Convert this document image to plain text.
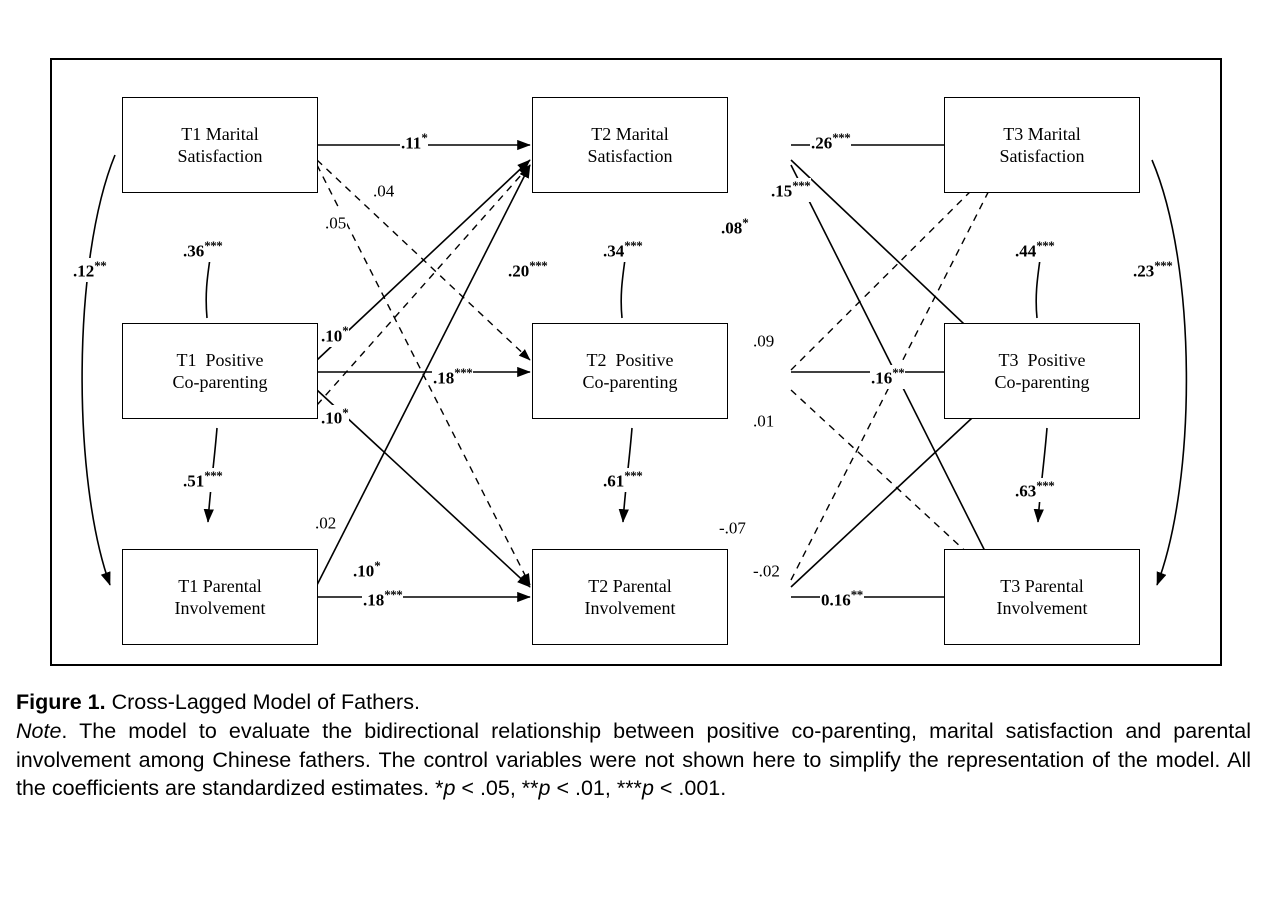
T1 Marital
Satisfaction
T2 Marital
Satisfaction
T3 Marital
Satisfaction
T1  Positive
Co-parenting
T2  Positive
Co-parenting
T3  Positive
Co-parenting
T1 Parental
Involvement
T2 Parental
Involvement
T3 Parental
Involvement
.11*	.26***
.04
.05
.15***
.08*
.36***	.34***	.44***
.12**	.23***
.20***
.10*
.18***
.09
.16**
.10*	.01
.51***	.61***
.63***
.02
.10*
.18***
-.07
-.02
0.16**
Figure 1. Cross-Lagged Model of Fathers.
Note. The model to evaluate the bidirectional relationship between positive co-parenting, marital satisfaction and parental involvement among Chinese fathers. The control variables were not shown here to simplify the representation of the model. All the coefficients are standardized estimates. *p < .05, **p < .01, ***p < .001.
